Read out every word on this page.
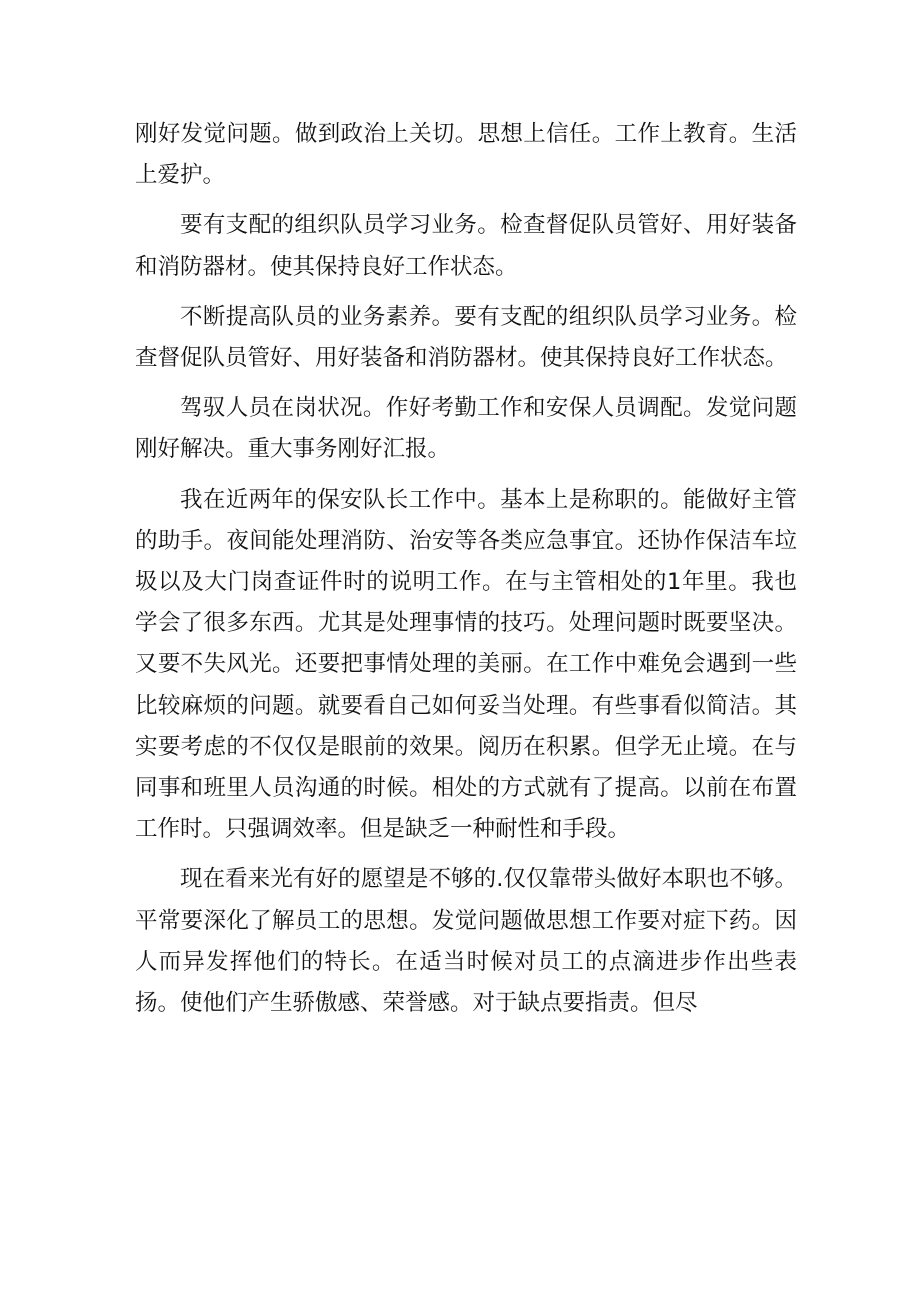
刚好发觉问题。做到政治上关切。思想上信任。工作上教育。生活上爱护。

要有支配的组织队员学习业务。检查督促队员管好、用好装备和消防器材。使其保持良好工作状态。

不断提高队员的业务素养。要有支配的组织队员学习业务。检查督促队员管好、用好装备和消防器材。使其保持良好工作状态。

驾驭人员在岗状况。作好考勤工作和安保人员调配。发觉问题刚好解决。重大事务刚好汇报。

我在近两年的保安队长工作中。基本上是称职的。能做好主管的助手。夜间能处理消防、治安等各类应急事宜。还协作保洁车垃圾以及大门岗查证件时的说明工作。在与主管相处的1年里。我也学会了很多东西。尤其是处理事情的技巧。处理问题时既要坚决。又要不失风光。还要把事情处理的美丽。在工作中难免会遇到一些比较麻烦的问题。就要看自己如何妥当处理。有些事看似简洁。其实要考虑的不仅仅是眼前的效果。阅历在积累。但学无止境。在与同事和班里人员沟通的时候。相处的方式就有了提高。以前在布置工作时。只强调效率。但是缺乏一种耐性和手段。

现在看来光有好的愿望是不够的.仅仅靠带头做好本职也不够。平常要深化了解员工的思想。发觉问题做思想工作要对症下药。因人而异发挥他们的特长。在适当时候对员工的点滴进步作出些表扬。使他们产生骄傲感、荣誉感。对于缺点要指责。但尽
